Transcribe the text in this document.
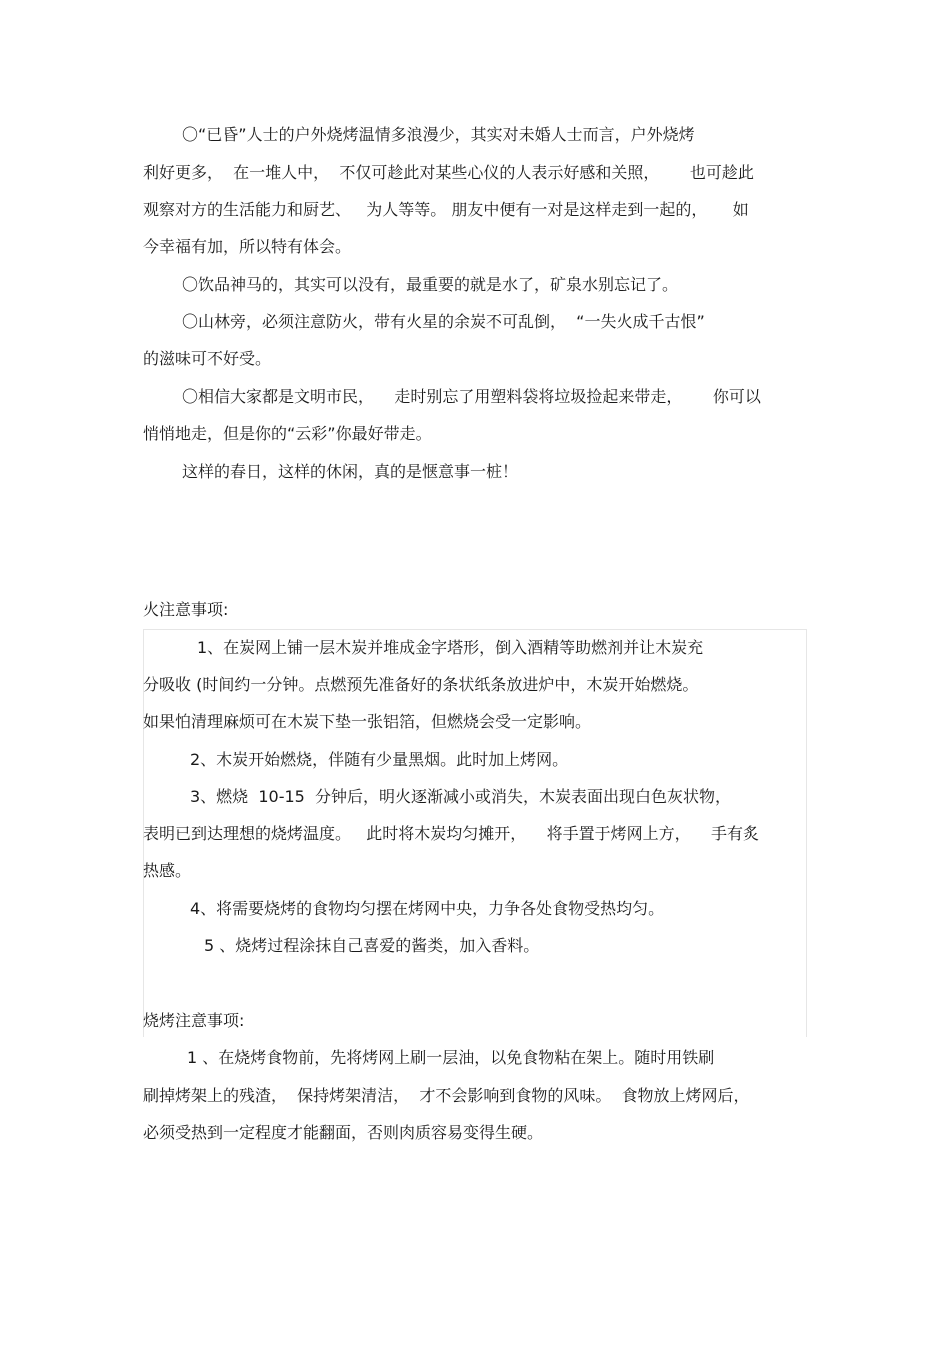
〇“已昏”人士的户外烧烤温情多浪漫少，其实对未婚人士而言，户外烧烤
利好更多，  在一堆人中，  不仅可趁此对某些心仪的人表示好感和关照，      也可趁此
观察对方的生活能力和厨艺、   为人等等。 朋友中便有一对是这样走到一起的，     如
今幸福有加，所以特有体会。
〇饮品神马的，其实可以没有，最重要的就是水了，矿泉水别忘记了。
〇山林旁，必须注意防火，带有火星的余炭不可乱倒，  “一失火成千古恨”
的滋味可不好受。
〇相信大家都是文明市民，    走时别忘了用塑料袋将垃圾捡起来带走，      你可以
悄悄地走，但是你的“云彩”你最好带走。
这样的春日，这样的休闲，真的是惬意事一桩！
火注意事项:
1、在炭网上铺一层木炭并堆成金字塔形，倒入酒精等助燃剂并让木炭充
分吸收 (时间约一分钟。点燃预先准备好的条状纸条放进炉中，木炭开始燃烧。
如果怕清理麻烦可在木炭下垫一张铝箔，但燃烧会受一定影响。
2、木炭开始燃烧，伴随有少量黑烟。此时加上烤网。
3、燃烧  10-15  分钟后，明火逐渐减小或消失，木炭表面出现白色灰状物，
表明已到达理想的烧烤温度。   此时将木炭均匀摊开，    将手置于烤网上方，    手有炙
热感。
4、将需要烧烤的食物均匀摆在烤网中央，力争各处食物受热均匀。
5 、烧烤过程涂抹自己喜爱的酱类，加入香料。
烧烤注意事项:
1 、在烧烤食物前，先将烤网上刷一层油，以免食物粘在架上。随时用铁刷
刷掉烤架上的残渣，  保持烤架清洁，  才不会影响到食物的风味。  食物放上烤网后，
必须受热到一定程度才能翻面，否则肉质容易变得生硬。
